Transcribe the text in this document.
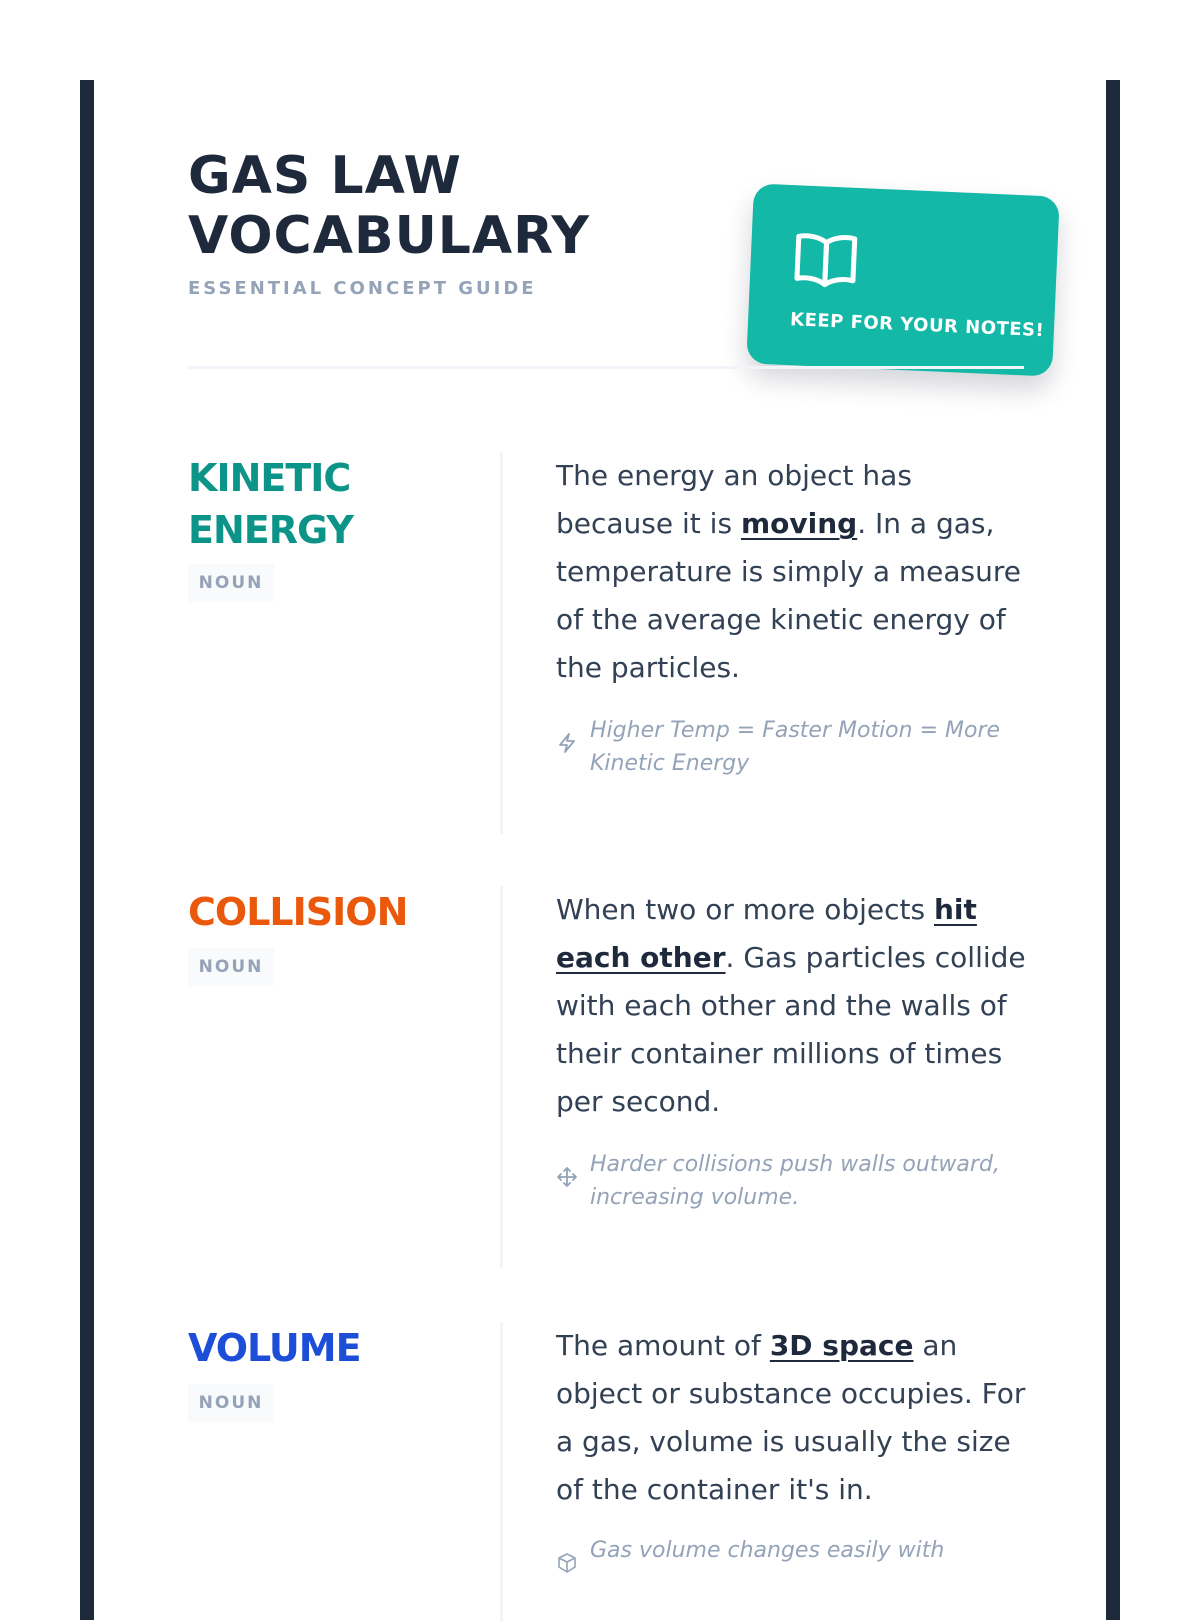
GAS LAW
VOCABULARY
ESSENTIAL CONCEPT GUIDE
KEEP FOR YOUR NOTES!
KINETIC
ENERGY
NOUN

The energy an object has because it is moving. In a gas, temperature is simply a measure of the average kinetic energy of the particles.

Higher Temp = Faster Motion = More Kinetic Energy

COLLISION
NOUN

When two or more objects hit each other. Gas particles collide with each other and the walls of their container millions of times per second.

Harder collisions push walls outward, increasing volume.

VOLUME
NOUN

The amount of 3D space an object or substance occupies. For a gas, volume is usually the size of the container it's in.

Gas volume changes easily with
